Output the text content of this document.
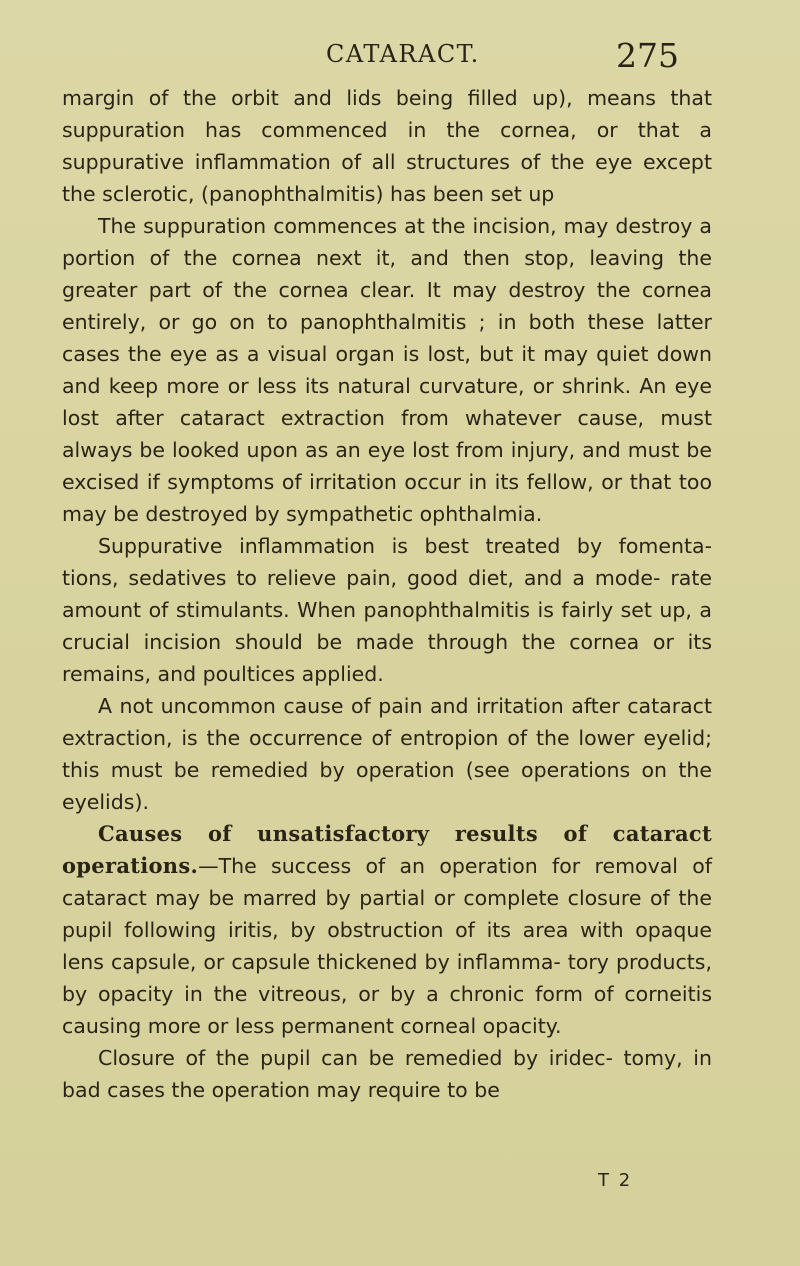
CATARACT.	275

margin of the orbit and lids being filled up), means that suppuration has commenced in the cornea, or that a suppurative inflammation of all structures of the eye except the sclerotic, (panophthalmitis) has been set up

The suppuration commences at the incision, may destroy a portion of the cornea next it, and then stop, leaving the greater part of the cornea clear. It may destroy the cornea entirely, or go on to panophthalmitis ; in both these latter cases the eye as a visual organ is lost, but it may quiet down and keep more or less its natural curvature, or shrink. An eye lost after cataract extraction from whatever cause, must always be looked upon as an eye lost from injury, and must be excised if symptoms of irritation occur in its fellow, or that too may be destroyed by sympathetic ophthalmia.

Suppurative inflammation is best treated by fomenta- tions, sedatives to relieve pain, good diet, and a mode- rate amount of stimulants. When panophthalmitis is fairly set up, a crucial incision should be made through the cornea or its remains, and poultices applied.

A not uncommon cause of pain and irritation after cataract extraction, is the occurrence of entropion of the lower eyelid; this must be remedied by operation (see operations on the eyelids).

Causes of unsatisfactory results of cataract operations.—The success of an operation for removal of cataract may be marred by partial or complete closure of the pupil following iritis, by obstruction of its area with opaque lens capsule, or capsule thickened by inflamma- tory products, by opacity in the vitreous, or by a chronic form of corneitis causing more or less permanent corneal opacity.

Closure of the pupil can be remedied by iridec- tomy, in bad cases the operation may require to be

T 2
